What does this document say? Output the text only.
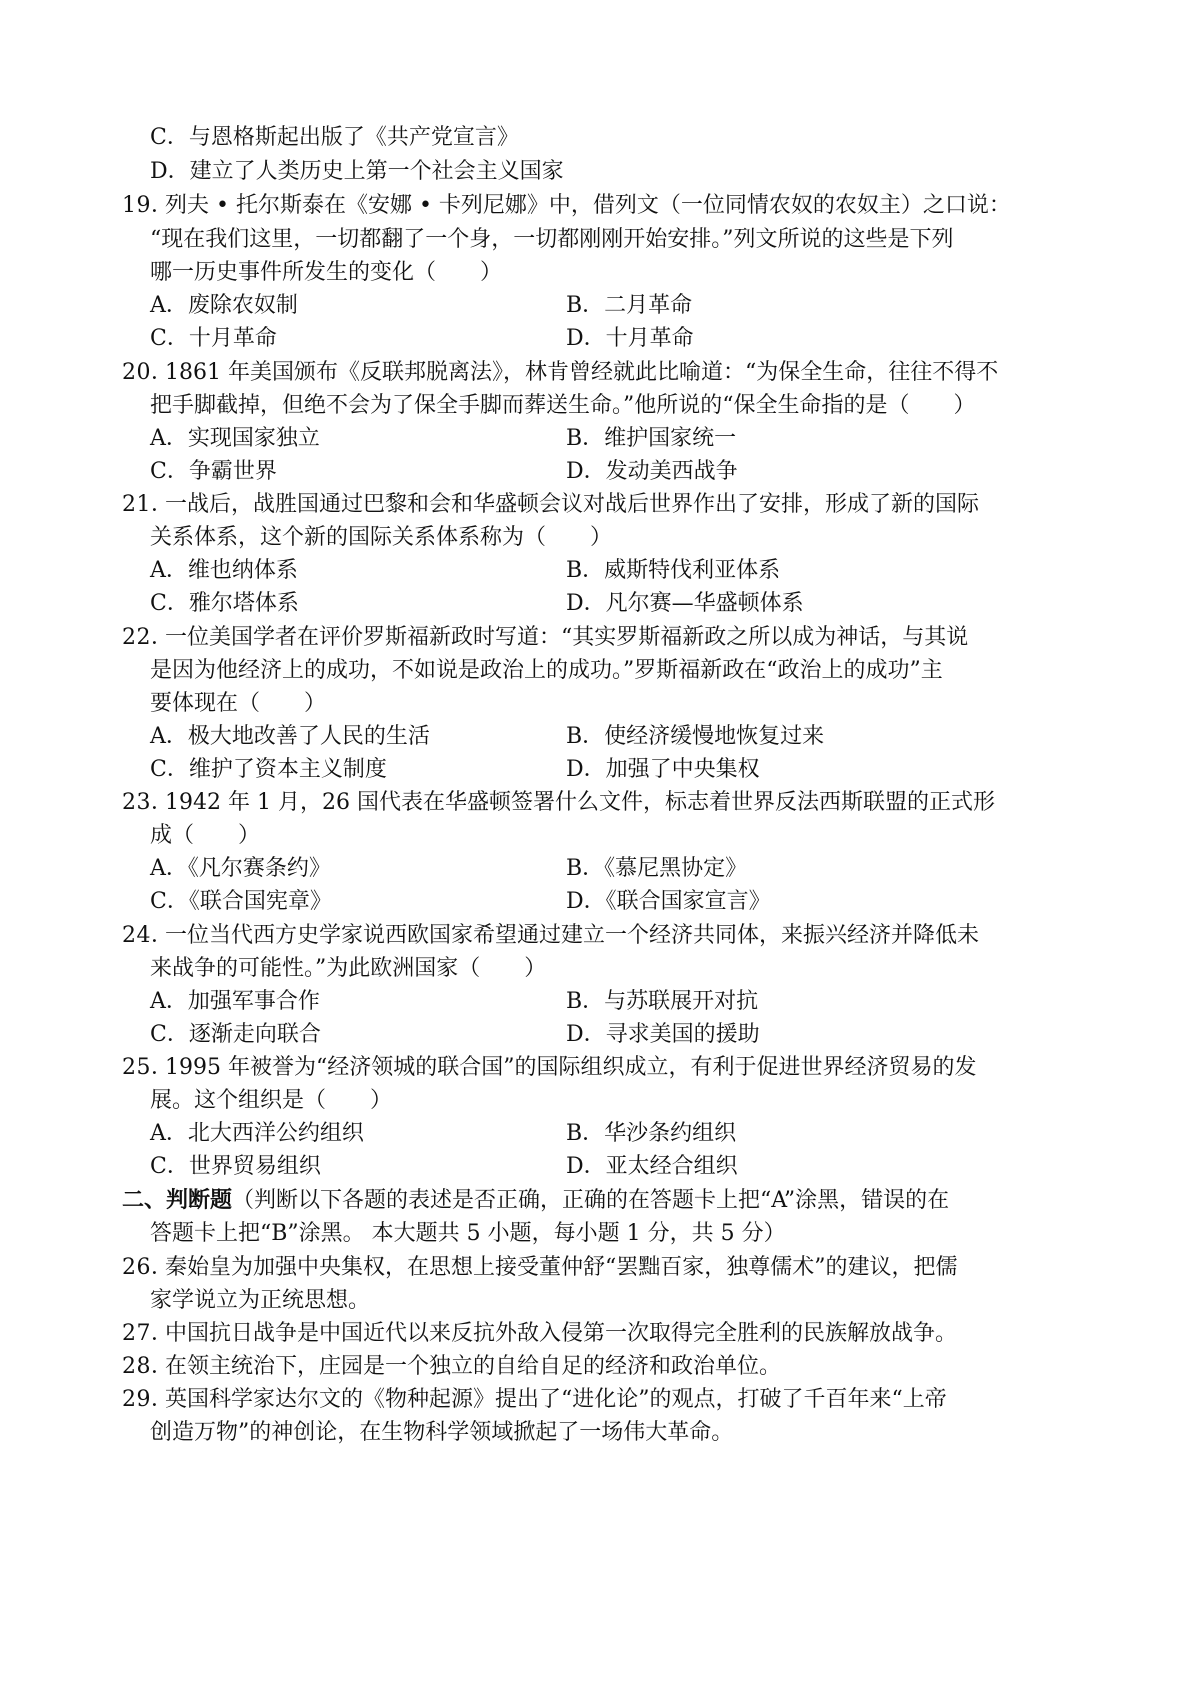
C．与恩格斯起出版了《共产党宣言》
D．建立了人类历史上第一个社会主义国家
19．
列夫 • 托尔斯泰在《安娜 • 卡列尼娜》中，借列文（一位同情农奴的农奴主）之口说：
“现在我们这里，一切都翻了一个身，一切都刚刚开始安排。”列文所说的这些是下列
哪一历史事件所发生的变化（　　）
A．废除农奴制	B．二月革命
C．十月革命	D．十月革命
20．
1861 年美国颁布《反联邦脱离法》，林肯曾经就此比喻道：“为保全生命，往往不得不
把手脚截掉，但绝不会为了保全手脚而葬送生命。”他所说的“保全生命指的是（　　）
A．实现国家独立	B．维护国家统一
C．争霸世界	D．发动美西战争
21．
一战后，战胜国通过巴黎和会和华盛顿会议对战后世界作出了安排，形成了新的国际
关系体系，这个新的国际关系体系称为（　　）
A．维也纳体系	B．威斯特伐利亚体系
C．雅尔塔体系	D．凡尔赛—华盛顿体系
22．
一位美国学者在评价罗斯福新政时写道：“其实罗斯福新政之所以成为神话，与其说
是因为他经济上的成功，不如说是政治上的成功。”罗斯福新政在“政治上的成功”主
要体现在（　　）
A．极大地改善了人民的生活	B．使经济缓慢地恢复过来
C．维护了资本主义制度	D．加强了中央集权
23．
1942 年 1 月，26 国代表在华盛顿签署什么文件，标志着世界反法西斯联盟的正式形
成（　　）
A．《凡尔赛条约》	B．《慕尼黑协定》
C．《联合国宪章》	D．《联合国家宣言》
24．
一位当代西方史学家说西欧国家希望通过建立一个经济共同体，来振兴经济并降低未
来战争的可能性。”为此欧洲国家（　　）
A．加强军事合作	B．与苏联展开对抗
C．逐渐走向联合	D．寻求美国的援助
25．
1995 年被誉为“经济领城的联合国”的国际组织成立，有利于促进世界经济贸易的发
展。这个组织是（　　）
A．北大西洋公约组织	B．华沙条约组织
C．世界贸易组织	D．亚太经合组织
二、判断题（判断以下各题的表述是否正确，正确的在答题卡上把“A”涂黑，错误的在
答题卡上把“B”涂黑。 本大题共 5 小题，每小题 1 分，共 5 分）
26．
秦始皇为加强中央集权，在思想上接受董仲舒“罢黜百家，独尊儒术”的建议，把儒
家学说立为正统思想。
27．
中国抗日战争是中国近代以来反抗外敌入侵第一次取得完全胜利的民族解放战争。
28．
在领主统治下，庄园是一个独立的自给自足的经济和政治单位。
29．
英国科学家达尔文的《物种起源》提出了“进化论”的观点，打破了千百年来“上帝
创造万物”的神创论，在生物科学领域掀起了一场伟大革命。
